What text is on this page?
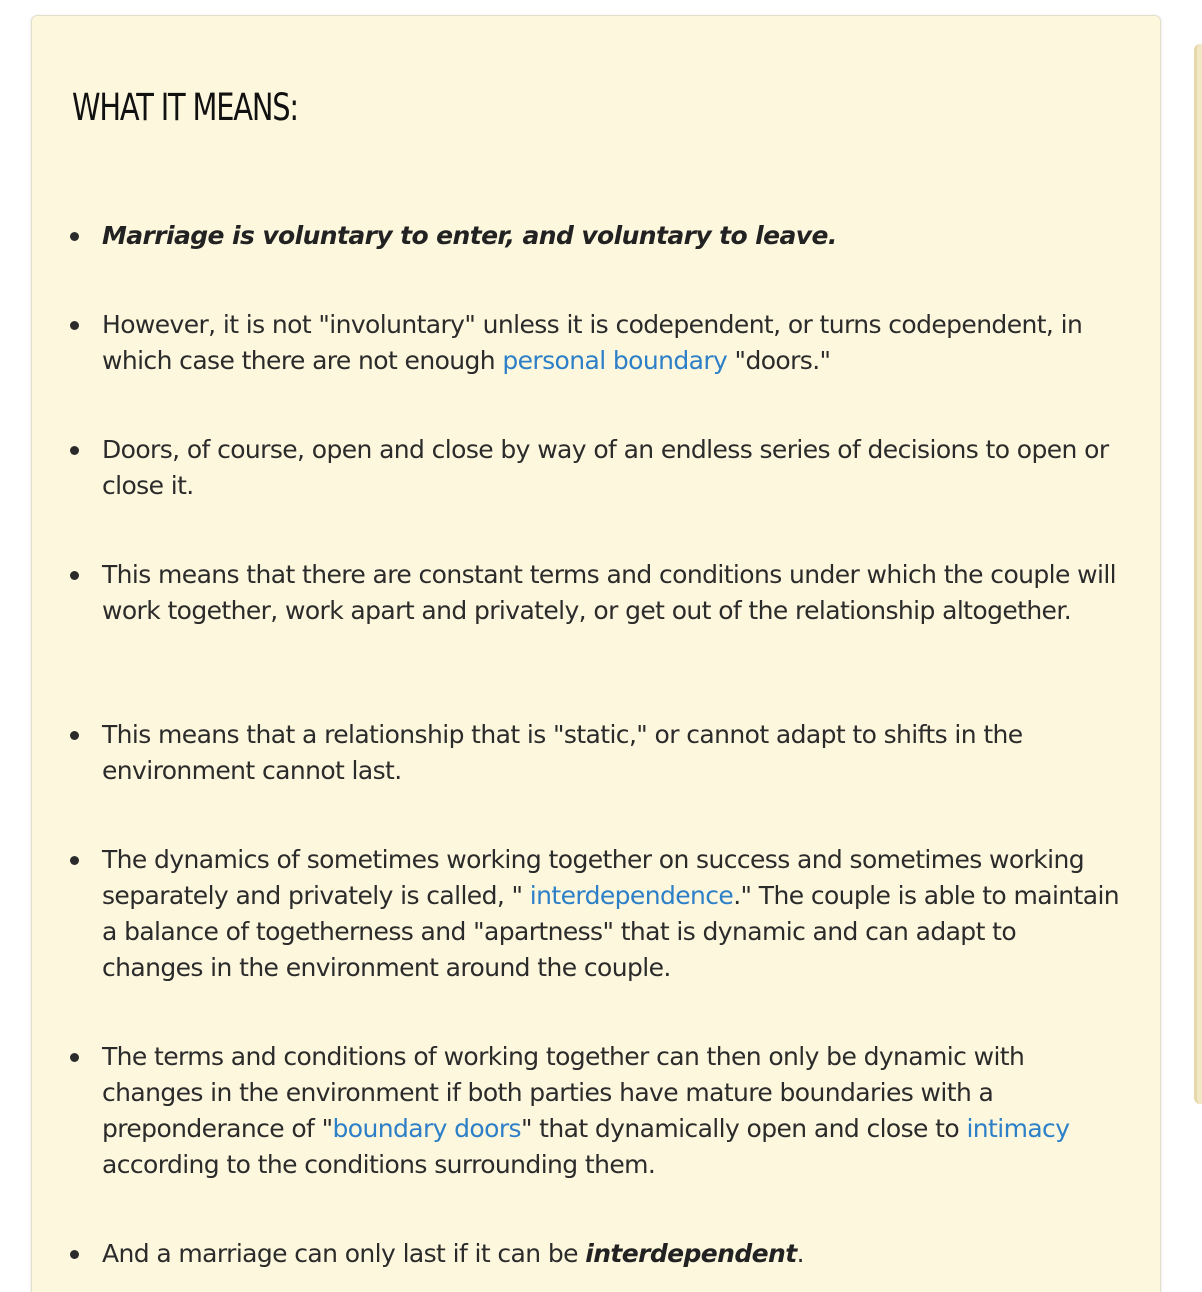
WHAT IT MEANS:

Marriage is voluntary to enter, and voluntary to leave.

However, it is not "involuntary" unless it is codependent, or turns codependent, in which case there are not enough personal boundary "doors."

Doors, of course, open and close by way of an endless series of decisions to open or close it.

This means that there are constant terms and conditions under which the couple will work together, work apart and privately, or get out of the relationship altogether.

This means that a relationship that is "static," or cannot adapt to shifts in the environment cannot last.

The dynamics of sometimes working together on success and sometimes working separately and privately is called, " interdependence." The couple is able to maintain a balance of togetherness and "apartness" that is dynamic and can adapt to changes in the environment around the couple.

The terms and conditions of working together can then only be dynamic with changes in the environment if both parties have mature boundaries with a preponderance of "boundary doors" that dynamically open and close to intimacy according to the conditions surrounding them.

And a marriage can only last if it can be interdependent.
